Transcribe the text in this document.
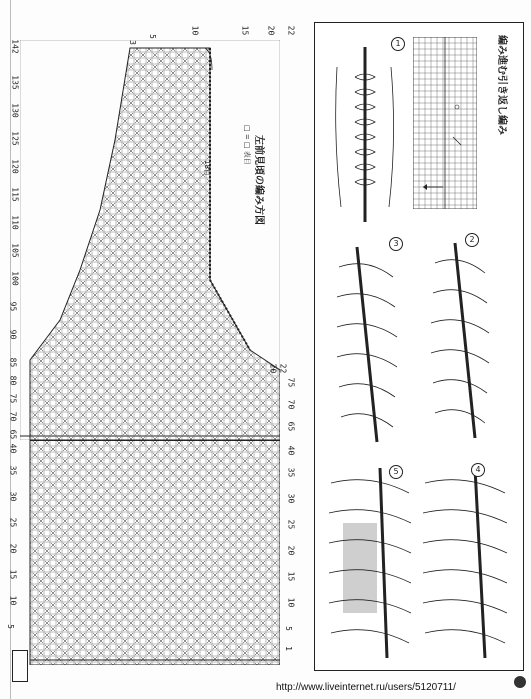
22
20
15
10
5
3
142
135
130
125
120
115
110
105
100
95
90
85
80
75
70
65
40
35
30
25
20
15
10
5
左前見頃の編み方図
□ = □ 表目
18目
22
20
75
70
65
40
35
30
25
20
15
10
5
1
編み進む引き返し編み
1
2
3
4
5
http://www.liveinternet.ru/users/5120711/
